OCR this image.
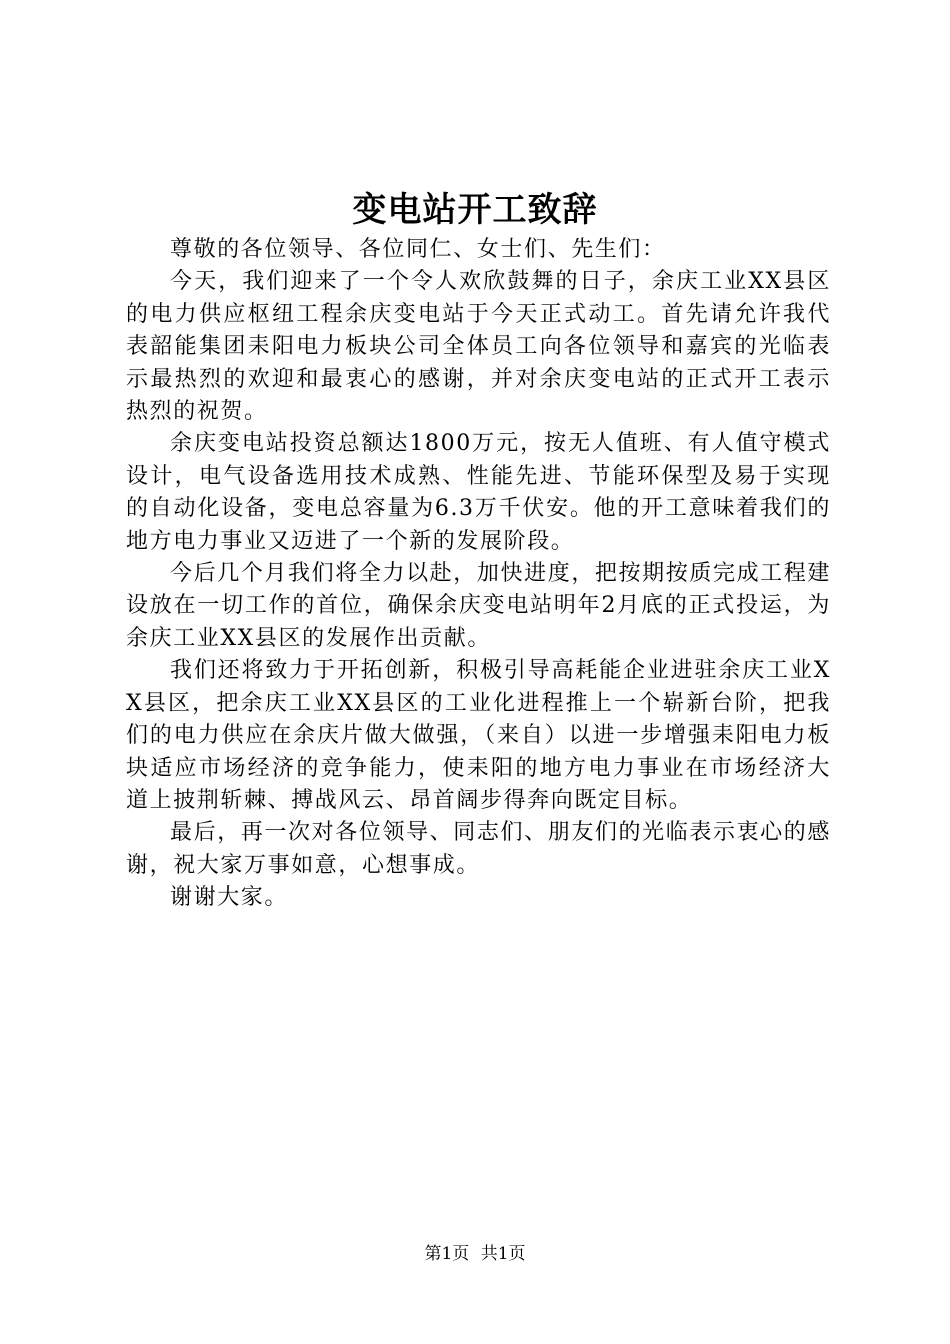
变电站开工致辞

尊敬的各位领导、各位同仁、女士们、先生们：

今天，我们迎来了一个令人欢欣鼓舞的日子，余庆工业XX县区的电力供应枢纽工程余庆变电站于今天正式动工。首先请允许我代表韶能集团耒阳电力板块公司全体员工向各位领导和嘉宾的光临表示最热烈的欢迎和最衷心的感谢，并对余庆变电站的正式开工表示热烈的祝贺。

余庆变电站投资总额达1800万元，按无人值班、有人值守模式设计，电气设备选用技术成熟、性能先进、节能环保型及易于实现的自动化设备，变电总容量为6.3万千伏安。他的开工意味着我们的地方电力事业又迈进了一个新的发展阶段。

今后几个月我们将全力以赴，加快进度，把按期按质完成工程建设放在一切工作的首位，确保余庆变电站明年2月底的正式投运，为余庆工业XX县区的发展作出贡献。

我们还将致力于开拓创新，积极引导高耗能企业进驻余庆工业XX县区，把余庆工业XX县区的工业化进程推上一个崭新台阶，把我们的电力供应在余庆片做大做强，（来自）以进一步增强耒阳电力板块适应市场经济的竞争能力，使耒阳的地方电力事业在市场经济大道上披荆斩棘、搏战风云、昂首阔步得奔向既定目标。

最后，再一次对各位领导、同志们、朋友们的光临表示衷心的感谢，祝大家万事如意，心想事成。

谢谢大家。

第1页 共1页
